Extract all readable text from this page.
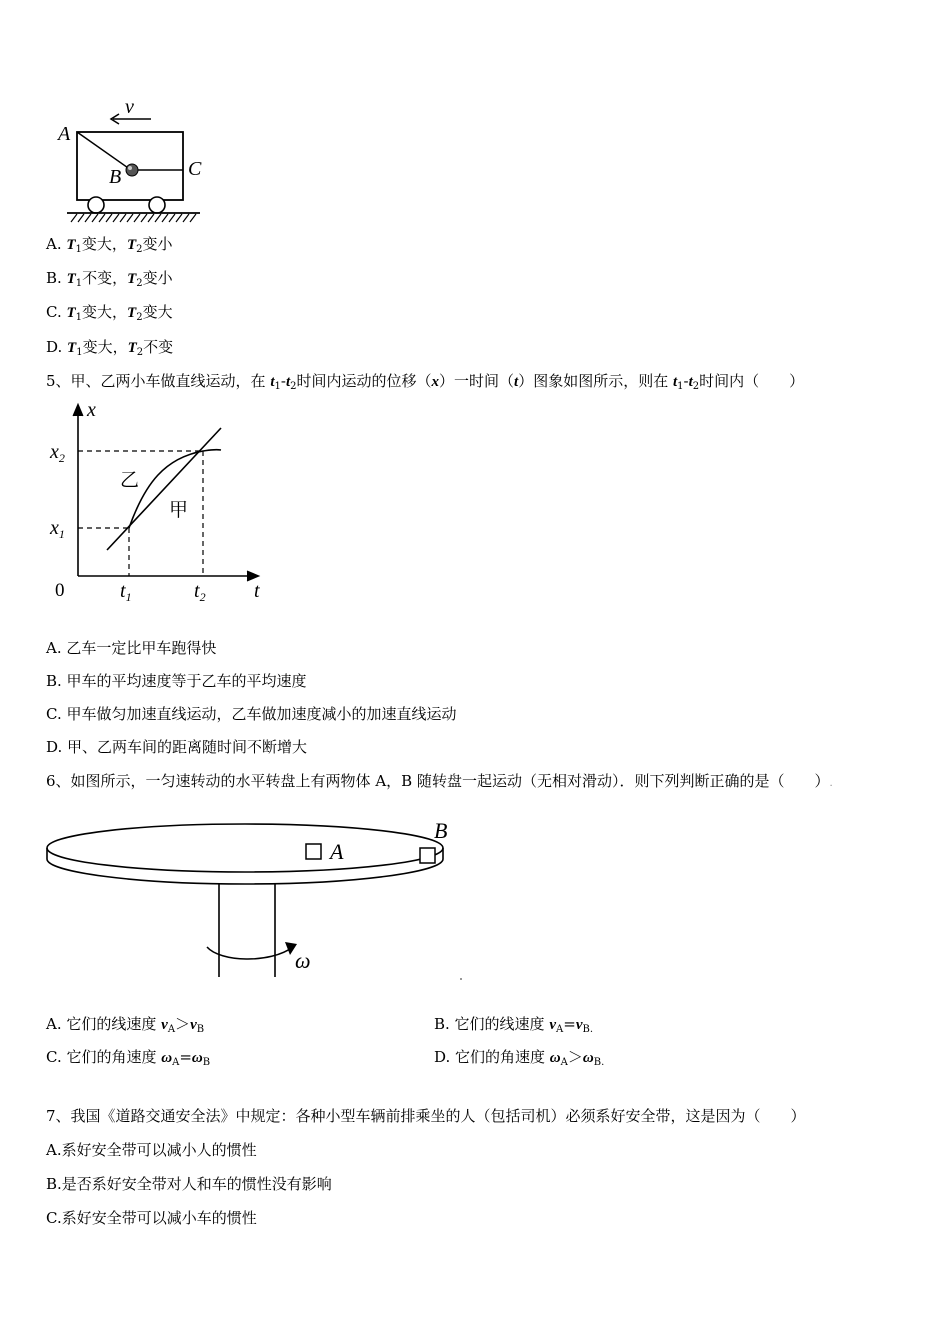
v
A
B	C
A. $T_1$变大，$T_2$变小
B. $T_1$不变，$T_2$变小
C. $T_1$变大，$T_2$变大
D. $T_1$变大，$T_2$不变
5、甲、乙两小车做直线运动，在 $t_1-t_2$时间内运动的位移（x）一时间（t）图象如图所示，则在 $t_1-t_2$时间内（　　）
x
t
0
$x_2$
$x_1$
$t_1$	$t_2$
乙
甲
A. 乙车一定比甲车跑得快
B. 甲车的平均速度等于乙车的平均速度
C. 甲车做匀加速直线运动，乙车做加速度减小的加速直线运动
D. 甲、乙两车间的距离随时间不断增大
6、如图所示，一匀速转动的水平转盘上有两物体 A，B 随转盘一起运动（无相对滑动）．则下列判断正确的是（　　）.
A
B
ω
A. 它们的线速度 $v_A>v_B$	B. 它们的线速度 $v_A=v_{B.}$
C. 它们的角速度 $\omega_A=\omega_B$	D. 它们的角速度 $\omega_A>\omega_{B.}$
7、我国《道路交通安全法》中规定：各种小型车辆前排乘坐的人（包括司机）必须系好安全带，这是因为（　　）
A.系好安全带可以减小人的惯性
B.是否系好安全带对人和车的惯性没有影响
C.系好安全带可以减小车的惯性
